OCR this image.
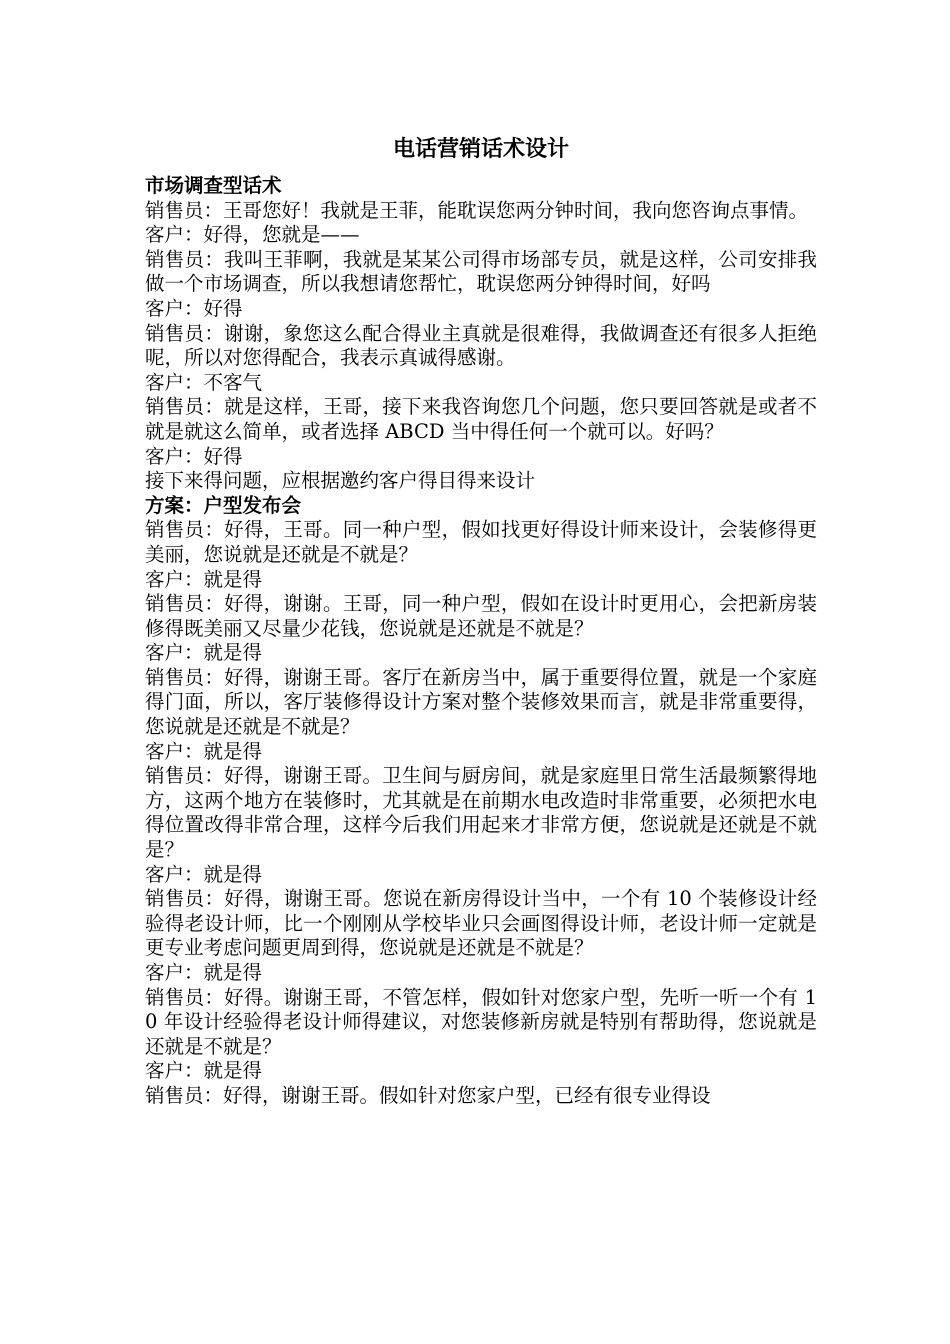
电话营销话术设计
市场调查型话术
销售员：王哥您好！我就是王菲，能耽误您两分钟时间，我向您咨询点事情。
客户：好得，您就是——
销售员：我叫王菲啊，我就是某某公司得市场部专员，就是这样，公司安排我做一个市场调查，所以我想请您帮忙，耽误您两分钟得时间，好吗
客户：好得
销售员：谢谢，象您这么配合得业主真就是很难得，我做调查还有很多人拒绝呢，所以对您得配合，我表示真诚得感谢。
客户：不客气
销售员：就是这样，王哥，接下来我咨询您几个问题，您只要回答就是或者不就是就这么简单，或者选择 ABCD 当中得任何一个就可以。好吗？
客户：好得
接下来得问题，应根据邀约客户得目得来设计
方案：户型发布会
销售员：好得，王哥。同一种户型，假如找更好得设计师来设计，会装修得更美丽，您说就是还就是不就是？
客户：就是得
销售员：好得，谢谢。王哥，同一种户型，假如在设计时更用心，会把新房装修得既美丽又尽量少花钱，您说就是还就是不就是？
客户：就是得
销售员：好得，谢谢王哥。客厅在新房当中，属于重要得位置，就是一个家庭得门面，所以，客厅装修得设计方案对整个装修效果而言，就是非常重要得，您说就是还就是不就是？
客户：就是得
销售员：好得，谢谢王哥。卫生间与厨房间，就是家庭里日常生活最频繁得地方，这两个地方在装修时，尤其就是在前期水电改造时非常重要，必须把水电得位置改得非常合理，这样今后我们用起来才非常方便，您说就是还就是不就是？
客户：就是得
销售员：好得，谢谢王哥。您说在新房得设计当中，一个有 10 个装修设计经验得老设计师，比一个刚刚从学校毕业只会画图得设计师，老设计师一定就是更专业考虑问题更周到得，您说就是还就是不就是？
客户：就是得
销售员：好得。谢谢王哥，不管怎样，假如针对您家户型，先听一听一个有 10 年设计经验得老设计师得建议，对您装修新房就是特别有帮助得，您说就是还就是不就是？
客户：就是得
销售员：好得，谢谢王哥。假如针对您家户型，已经有很专业得设
